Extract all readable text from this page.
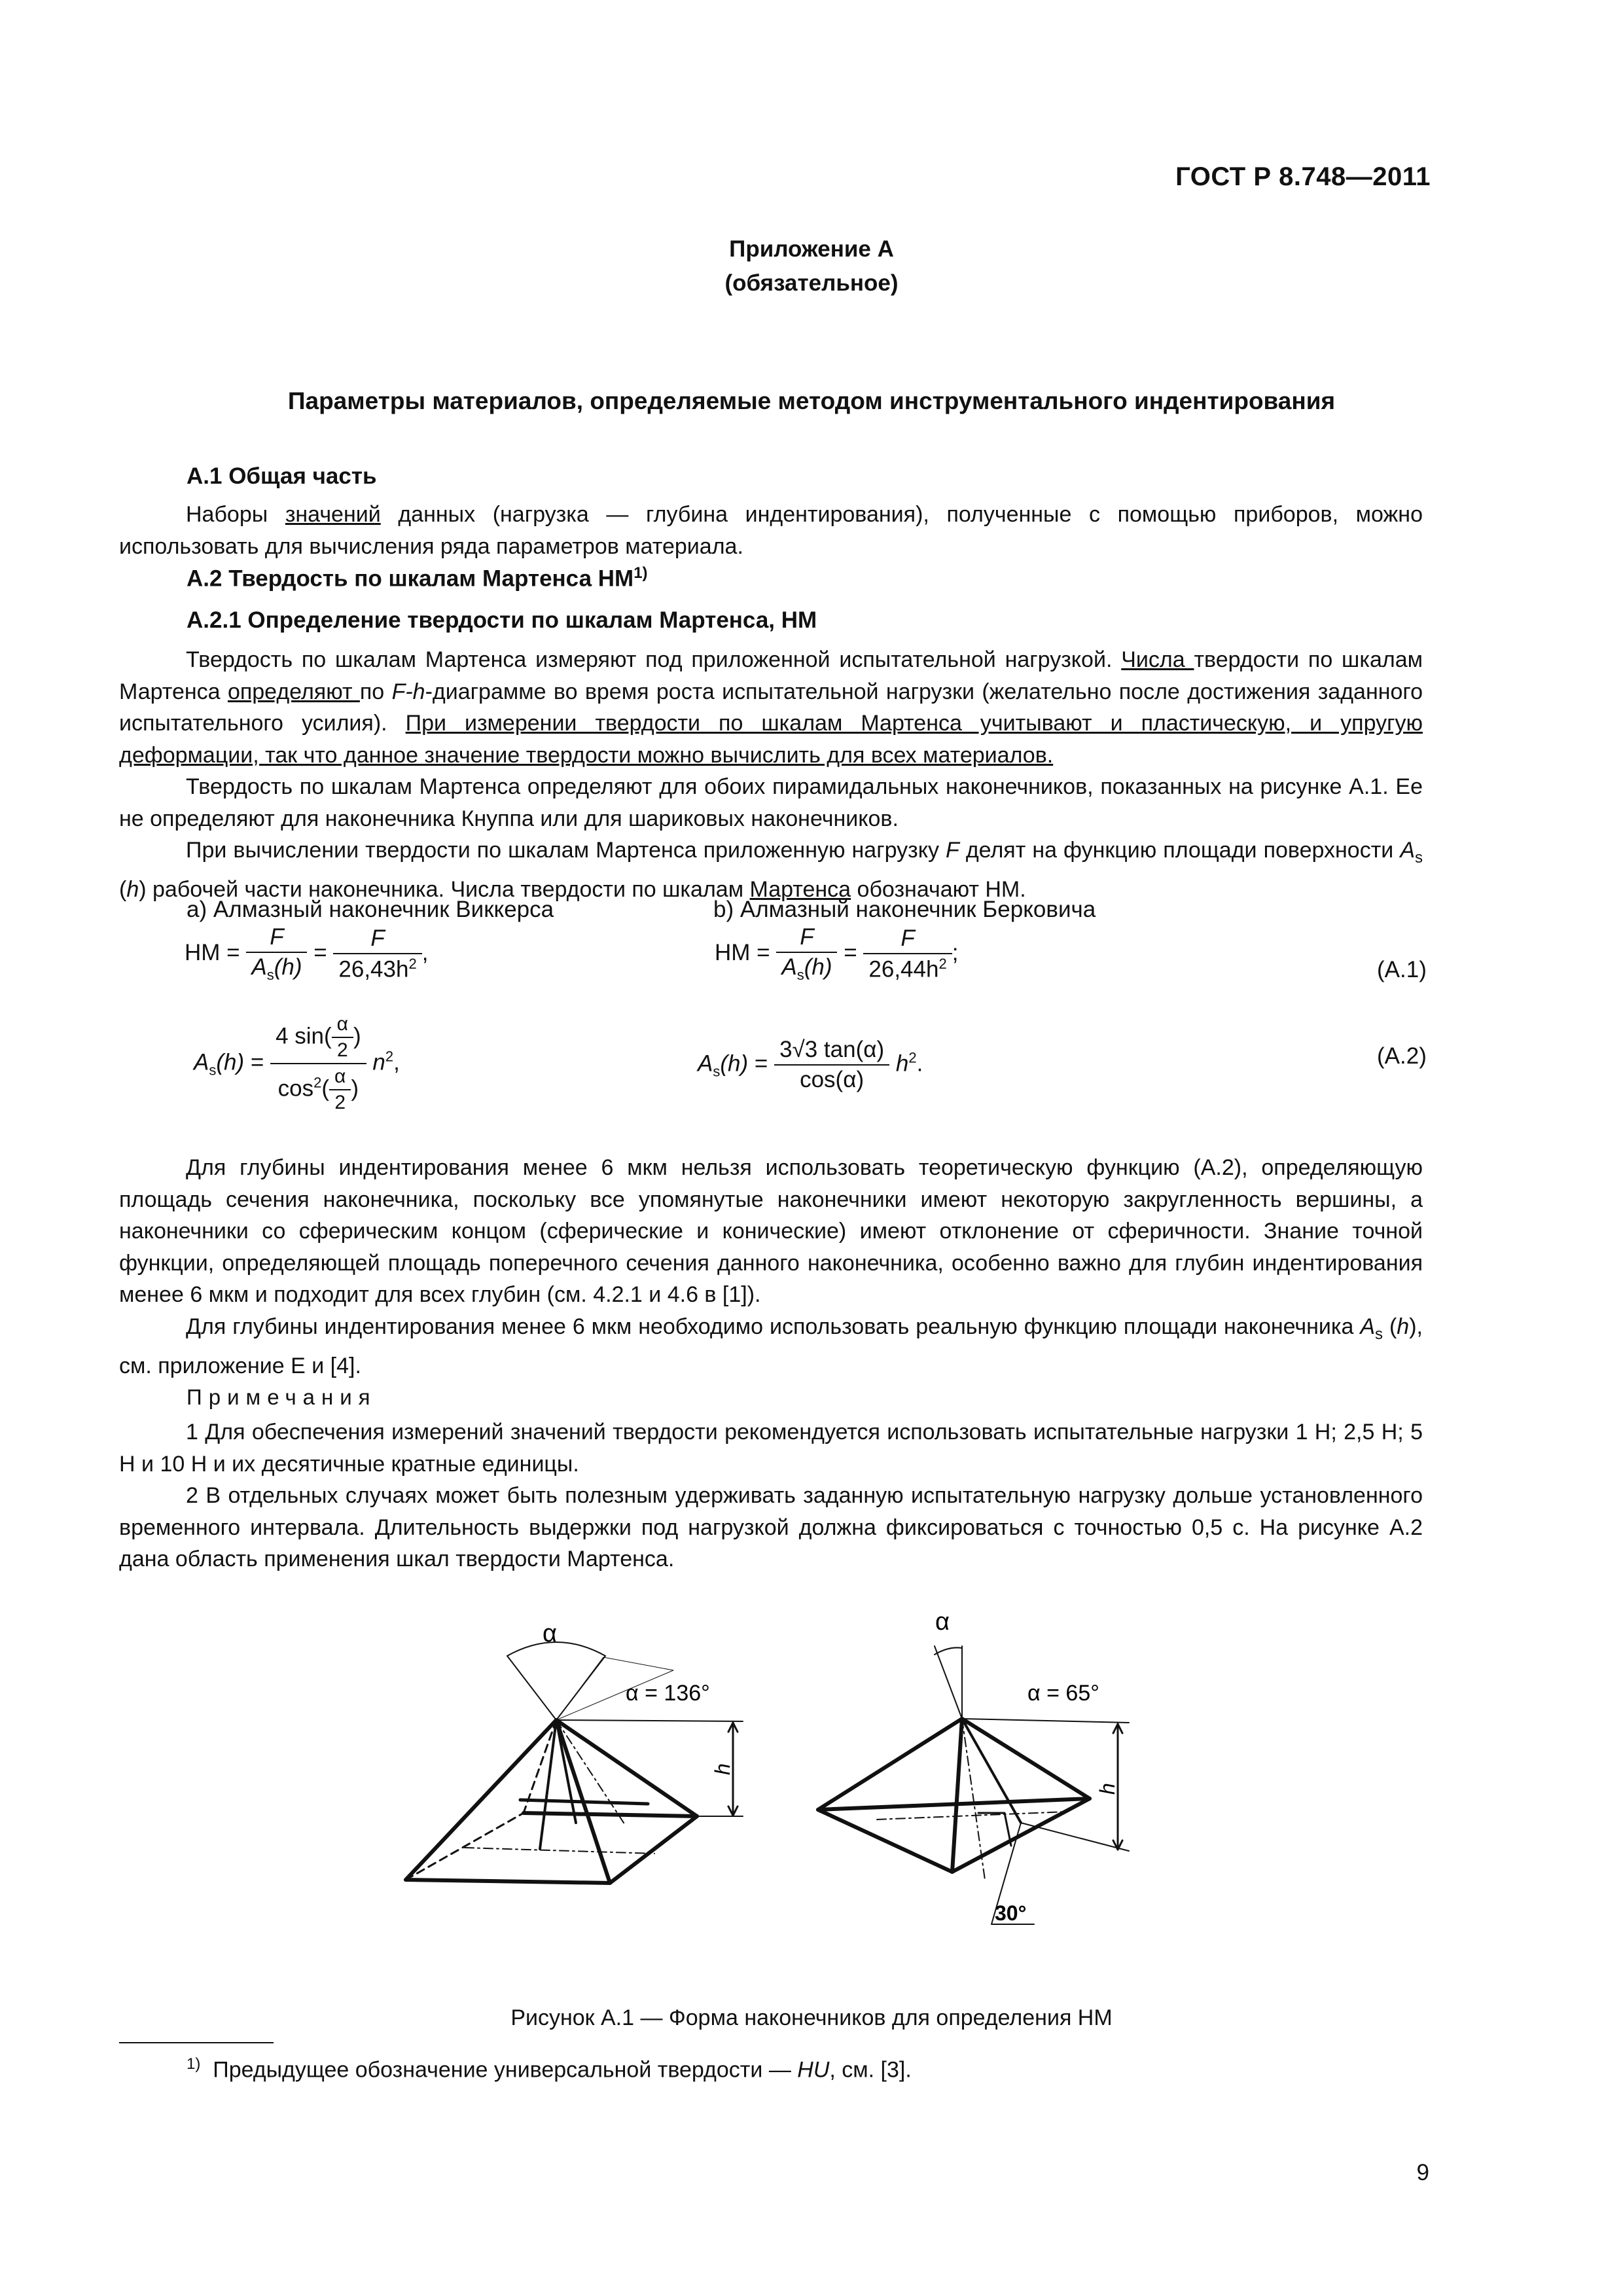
ГОСТ Р 8.748—2011
Приложение А
(обязательное)
Параметры материалов, определяемые методом инструментального индентирования
А.1 Общая часть

Наборы значений данных (нагрузка — глубина индентирования), полученные с помощью приборов, можно использовать для вычисления ряда параметров материала.

А.2 Твердость по шкалам Мартенса НМ$^{1)}$
А.2.1 Определение твердости по шкалам Мартенса, НМ

Твердость по шкалам Мартенса измеряют под приложенной испытательной нагрузкой. Числа твердости по шкалам Мартенса определяют по F-h-диаграмме во время роста испытательной нагрузки (желательно после достижения заданного испытательного усилия). При измерении твердости по шкалам Мартенса учитывают и пластическую, и упругую деформации, так что данное значение твердости можно вычислить для всех материалов.

Твердость по шкалам Мартенса определяют для обоих пирамидальных наконечников, показанных на рисунке А.1. Ее не определяют для наконечника Кнуппа или для шариковых наконечников.

При вычислении твердости по шкалам Мартенса приложенную нагрузку F делят на функцию площади поверхности $A_s$ (h) рабочей части наконечника. Числа твердости по шкалам Мартенса обозначают НМ.

a) Алмазный наконечник Виккерса	b) Алмазный наконечник Берковича
HM = $\frac{F}{A_s(h)} = \frac{F}{26,43h^2}$ ,	HM = $\frac{F}{A_s(h)} = \frac{F}{26,44h^2}$ ;
(А.1)
$A_s(h) = \frac{4 \sin( \frac{\alpha}{2} )}{\cos^2( \frac{\alpha}{2} )} n^2$,	$A_s(h) = \frac{3√3 \tan(\alpha)}{\cos(\alpha)} h^2$.	(А.2)

Для глубины индентирования менее 6 мкм нельзя использовать теоретическую функцию (А.2), определяющую площадь сечения наконечника, поскольку все упомянутые наконечники имеют некоторую закругленность вершины, а наконечники со сферическим концом (сферические и конические) имеют отклонение от сферичности. Знание точной функции, определяющей площадь поперечного сечения данного наконечника, особенно важно для глубин индентирования менее 6 мкм и подходит для всех глубин (см. 4.2.1 и 4.6 в [1]).

Для глубины индентирования менее 6 мкм необходимо использовать реальную функцию площади наконечника $A_s$ (h), см. приложение Е и [4].

Примечания

1 Для обеспечения измерений значений твердости рекомендуется использовать испытательные нагрузки 1 Н; 2,5 Н; 5 Н и 10 Н и их десятичные кратные единицы.

2 В отдельных случаях может быть полезным удерживать заданную испытательную нагрузку дольше установленного временного интервала. Длительность выдержки под нагрузкой должна фиксироваться с точностью 0,5 с. На рисунке А.2 дана область применения шкал твердости Мартенса.

α
α = 136°
h
α
α = 65°
h
30°
Рисунок А.1 — Форма наконечников для определения НМ
$^{1)}$ Предыдущее обозначение универсальной твердости — HU, см. [3].
9
